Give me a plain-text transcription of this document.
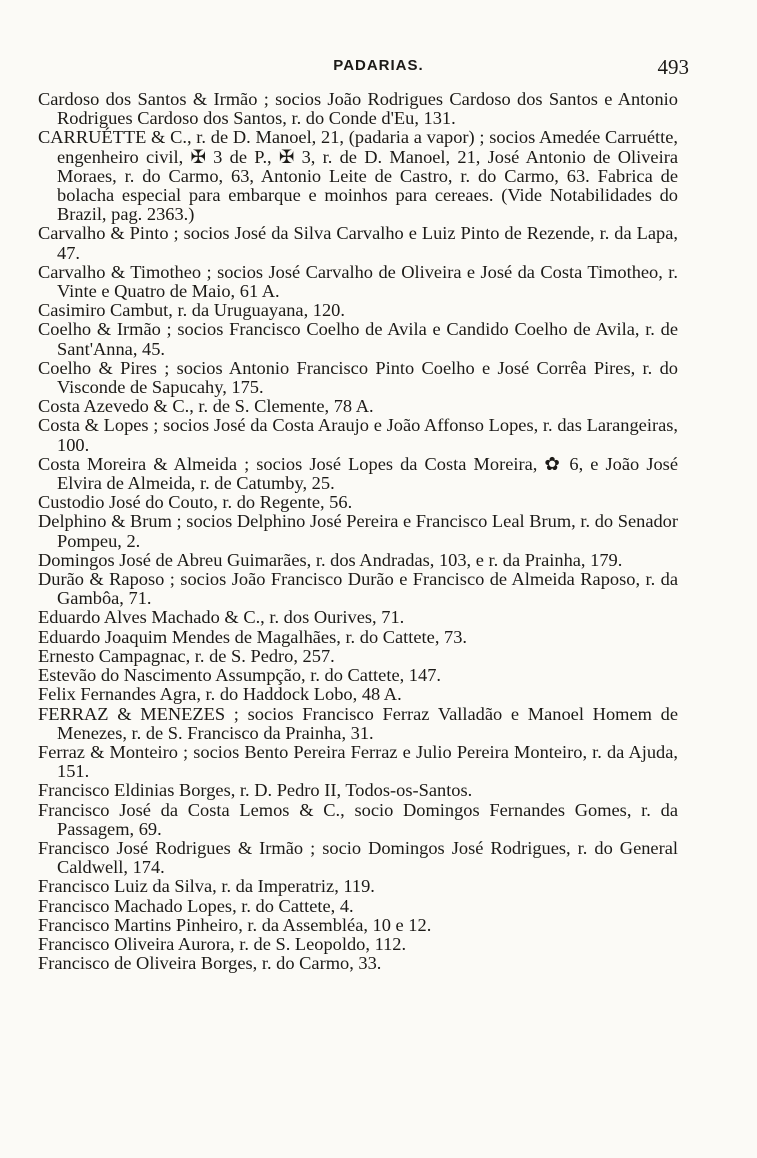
PADARIAS.	493

Cardoso dos Santos & Irmão ; socios João Rodrigues Cardoso dos Santos e Antonio Rodrigues Cardoso dos Santos, r. do Conde d'Eu, 131.

CARRUÉTTE & C., r. de D. Manoel, 21, (padaria a vapor) ; socios Amedée Carruétte, engenheiro civil, ✠ 3 de P., ✠ 3, r. de D. Manoel, 21, José Antonio de Oliveira Moraes, r. do Carmo, 63, Antonio Leite de Castro, r. do Carmo, 63. Fabrica de bolacha especial para embarque e moinhos para cereaes. (Vide Notabilidades do Brazil, pag. 2363.)

Carvalho & Pinto ; socios José da Silva Carvalho e Luiz Pinto de Rezende, r. da Lapa, 47.

Carvalho & Timotheo ; socios José Carvalho de Oliveira e José da Costa Timotheo, r. Vinte e Quatro de Maio, 61 A.

Casimiro Cambut, r. da Uruguayana, 120.

Coelho & Irmão ; socios Francisco Coelho de Avila e Candido Coelho de Avila, r. de Sant'Anna, 45.

Coelho & Pires ; socios Antonio Francisco Pinto Coelho e José Corrêa Pires, r. do Visconde de Sapucahy, 175.

Costa Azevedo & C., r. de S. Clemente, 78 A.

Costa & Lopes ; socios José da Costa Araujo e João Affonso Lopes, r. das Larangeiras, 100.

Costa Moreira & Almeida ; socios José Lopes da Costa Moreira, ✿ 6, e João José Elvira de Almeida, r. de Catumby, 25.

Custodio José do Couto, r. do Regente, 56.

Delphino & Brum ; socios Delphino José Pereira e Francisco Leal Brum, r. do Senador Pompeu, 2.

Domingos José de Abreu Guimarães, r. dos Andradas, 103, e r. da Prainha, 179.

Durão & Raposo ; socios João Francisco Durão e Francisco de Almeida Raposo, r. da Gambôa, 71.

Eduardo Alves Machado & C., r. dos Ourives, 71.

Eduardo Joaquim Mendes de Magalhães, r. do Cattete, 73.

Ernesto Campagnac, r. de S. Pedro, 257.

Estevão do Nascimento Assumpção, r. do Cattete, 147.

Felix Fernandes Agra, r. do Haddock Lobo, 48 A.

FERRAZ & MENEZES ; socios Francisco Ferraz Valladão e Manoel Homem de Menezes, r. de S. Francisco da Prainha, 31.

Ferraz & Monteiro ; socios Bento Pereira Ferraz e Julio Pereira Monteiro, r. da Ajuda, 151.

Francisco Eldinias Borges, r. D. Pedro II, Todos-os-Santos.

Francisco José da Costa Lemos & C., socio Domingos Fernandes Gomes, r. da Passagem, 69.

Francisco José Rodrigues & Irmão ; socio Domingos José Rodrigues, r. do General Caldwell, 174.

Francisco Luiz da Silva, r. da Imperatriz, 119.

Francisco Machado Lopes, r. do Cattete, 4.

Francisco Martins Pinheiro, r. da Assembléa, 10 e 12.

Francisco Oliveira Aurora, r. de S. Leopoldo, 112.

Francisco de Oliveira Borges, r. do Carmo, 33.
